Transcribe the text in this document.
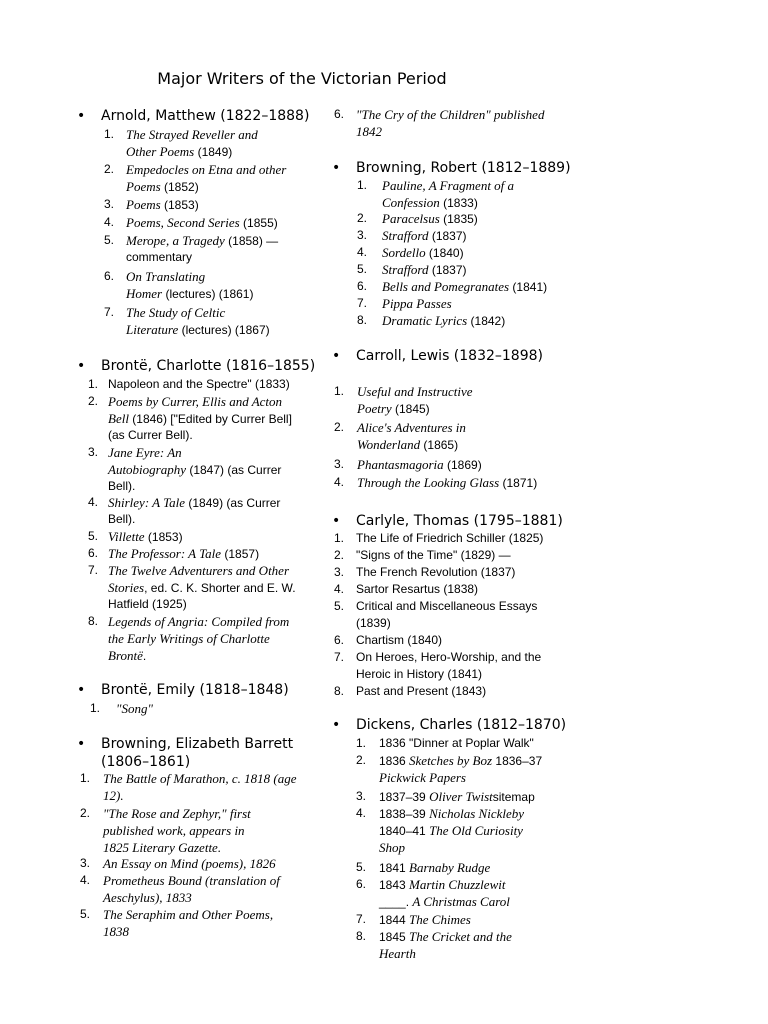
Major Writers of the Victorian Period
• Arnold, Matthew (1822–1888)
1. The Strayed Reveller and
Other Poems (1849)
2. Empedocles on Etna and other
Poems (1852)
3. Poems (1853)
4. Poems, Second Series (1855)
5. Merope, a Tragedy (1858) —
commentary
6. On Translating
Homer (lectures) (1861)
7. The Study of Celtic
Literature (lectures) (1867)
• Brontë, Charlotte (1816–1855)
1. Napoleon and the Spectre" (1833)
2. Poems by Currer, Ellis and Acton
Bell (1846) ["Edited by Currer Bell]
(as Currer Bell).
3. Jane Eyre: An
Autobiography (1847) (as Currer
Bell).
4. Shirley: A Tale (1849) (as Currer
Bell).
5. Villette (1853)
6. The Professor: A Tale (1857)
7. The Twelve Adventurers and Other
Stories, ed. C. K. Shorter and E. W.
Hatfield (1925)
8. Legends of Angria: Compiled from
the Early Writings of Charlotte
Brontë.
• Brontë, Emily (1818–1848)
1. "Song"
• Browning, Elizabeth Barrett
(1806–1861)
1. The Battle of Marathon, c. 1818 (age
12).
2. "The Rose and Zephyr," first
published work, appears in
1825 Literary Gazette.
3. An Essay on Mind (poems), 1826
4. Prometheus Bound (translation of
Aeschylus), 1833
5. The Seraphim and Other Poems,
1838
6. "The Cry of the Children" published
1842
• Browning, Robert (1812–1889)
1. Pauline, A Fragment of a
Confession (1833)
2. Paracelsus (1835)
3. Strafford (1837)
4. Sordello (1840)
5. Strafford (1837)
6. Bells and Pomegranates (1841)
7. Pippa Passes
8. Dramatic Lyrics (1842)
• Carroll, Lewis (1832–1898)
1. Useful and Instructive
Poetry (1845)
2. Alice's Adventures in
Wonderland (1865)
3. Phantasmagoria (1869)
4. Through the Looking Glass (1871)
• Carlyle, Thomas (1795–1881)
1. The Life of Friedrich Schiller (1825)
2. "Signs of the Time" (1829) —
3. The French Revolution (1837)
4. Sartor Resartus (1838)
5. Critical and Miscellaneous Essays
(1839)
6. Chartism (1840)
7. On Heroes, Hero-Worship, and the
Heroic in History (1841)
8. Past and Present (1843)
• Dickens, Charles (1812–1870)
1. 1836 "Dinner at Poplar Walk"
2. 1836 Sketches by Boz 1836–37
Pickwick Papers
3. 1837–39 Oliver Twistsitemap
4. 1838–39 Nicholas Nickleby
1840–41 The Old Curiosity
Shop
5. 1841 Barnaby Rudge
6. 1843 Martin Chuzzlewit
____. A Christmas Carol
7. 1844 The Chimes
8. 1845 The Cricket and the
Hearth
